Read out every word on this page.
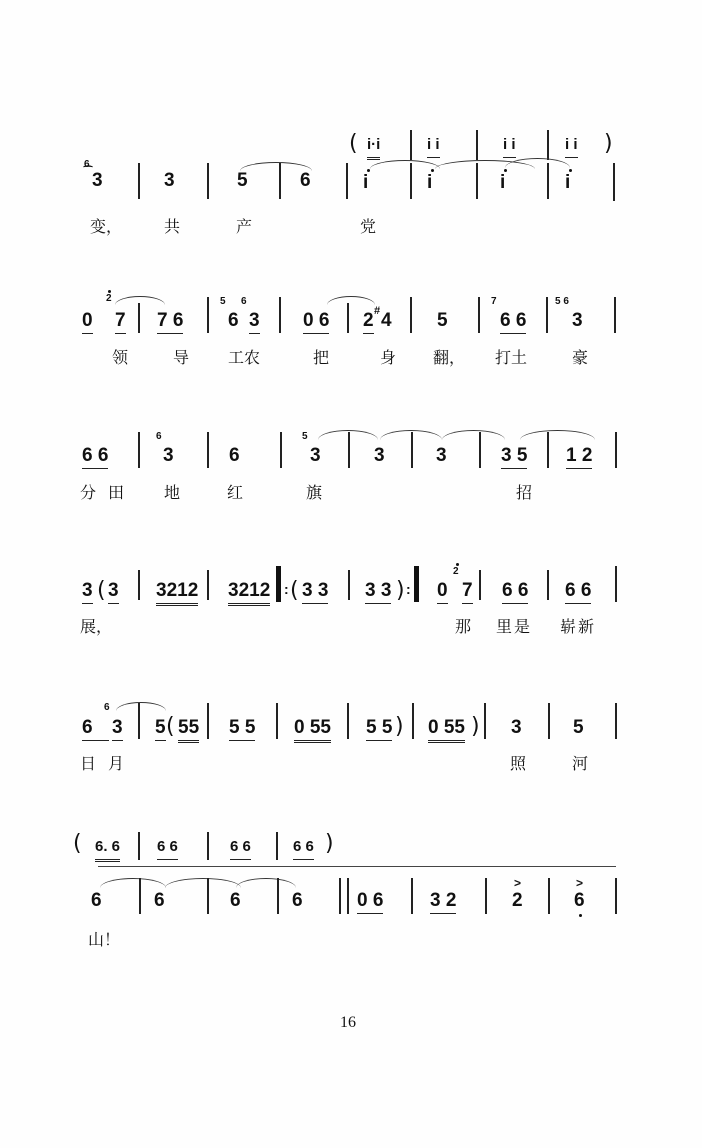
( i·i	i i	i i	i i )
6
⁀ 3	3	5	6	i	i	i	i
变，	共	产	党
0
2
7 7 6
5
6
6
3 0 6 2 # 4 5
7
6 6
5 6
3
领	导 工农	把	身 翻， 打土	豪
6 6
6
3	6
5
3	3	3	3 5 1 2
分田 地	红	旗	招
3 ( 3 3212 3212 : ( 3 3 3 3 ) : 0
2
7 6 6 6 6
展，	那 里是 崭新
6
6
3 5 ( 55 5 5 0 55 5 5 ) 0 55 ) 3	5
日月	照	河
( 6. 6 6 6	6 6	6 6 )
6	6	6	6	0 6 3 2
>
2
>
6
山！
16
